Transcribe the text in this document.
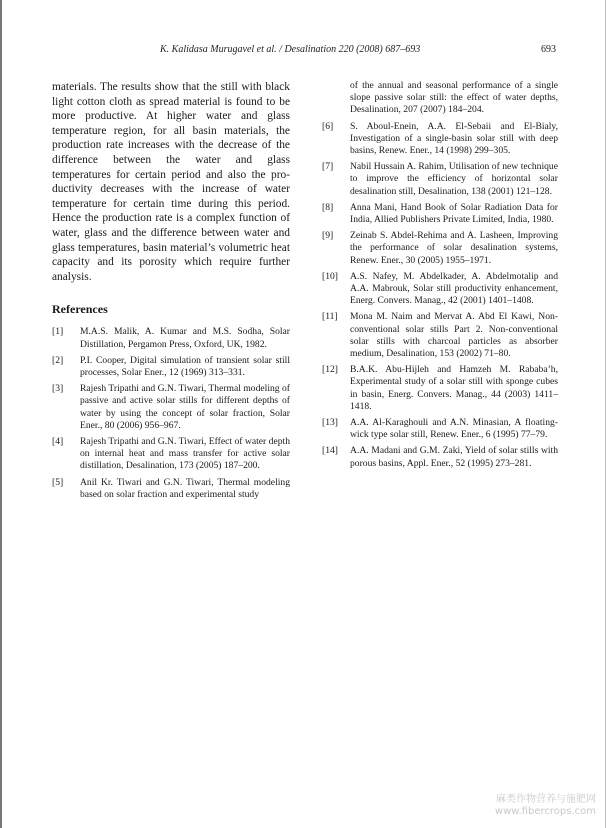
K. Kalidasa Murugavel et al. / Desalination 220 (2008) 687–693	693

materials. The results show that the still with black light cotton cloth as spread material is found to be more productive. At higher water and glass temperature region, for all basin materials, the production rate increases with the decrease of the difference between the water and glass temperatures for certain period and also the productivity decreases with the increase of water temperature for certain time during this period. Hence the production rate is a complex function of water, glass and the difference between water and glass temperatures, basin material’s volumetric heat capacity and its porosity which require further analysis.

References
[1]	M.A.S. Malik, A. Kumar and M.S. Sodha, Solar Distillation, Pergamon Press, Oxford, UK, 1982.
[2]	P.I. Cooper, Digital simulation of transient solar still processes, Solar Ener., 12 (1969) 313–331.
[3]	Rajesh Tripathi and G.N. Tiwari, Thermal modeling of passive and active solar stills for different depths of water by using the concept of solar fraction, Solar Ener., 80 (2006) 956–967.
[4]	Rajesh Tripathi and G.N. Tiwari, Effect of water depth on internal heat and mass transfer for active solar distillation, Desalination, 173 (2005) 187–200.
[5]	Anil Kr. Tiwari and G.N. Tiwari, Thermal modeling based on solar fraction and experimental study
of the annual and seasonal performance of a single slope passive solar still: the effect of water depths, Desalination, 207 (2007) 184–204.
[6]	S. Aboul-Enein, A.A. El-Sebaii and El-Bialy, Investigation of a single-basin solar still with deep basins, Renew. Ener., 14 (1998) 299–305.
[7]	Nabil Hussain A. Rahim, Utilisation of new technique to improve the efficiency of horizontal solar desalination still, Desalination, 138 (2001) 121–128.
[8]	Anna Mani, Hand Book of Solar Radiation Data for India, Allied Publishers Private Limited, India, 1980.
[9]	Zeinab S. Abdel-Rehima and A. Lasheen, Improving the performance of solar desalination systems, Renew. Ener., 30 (2005) 1955–1971.
[10]	A.S. Nafey, M. Abdelkader, A. Abdelmotalip and A.A. Mabrouk, Solar still productivity enhancement, Energ. Convers. Manag., 42 (2001) 1401–1408.
[11]	Mona M. Naim and Mervat A. Abd El Kawi, Non-conventional solar stills Part 2. Non-conventional solar stills with charcoal particles as absorber medium, Desalination, 153 (2002) 71–80.
[12]	B.A.K. Abu-Hijleh and Hamzeh M. Rababa’h, Experimental study of a solar still with sponge cubes in basin, Energ. Convers. Manag., 44 (2003) 1411–1418.
[13]	A.A. Al-Karaghouli and A.N. Minasian, A floating-wick type solar still, Renew. Ener., 6 (1995) 77–79.
[14]	A.A. Madani and G.M. Zaki, Yield of solar stills with porous basins, Appl. Ener., 52 (1995) 273–281.
麻类作物营养与施肥网
www.fibercrops.com
